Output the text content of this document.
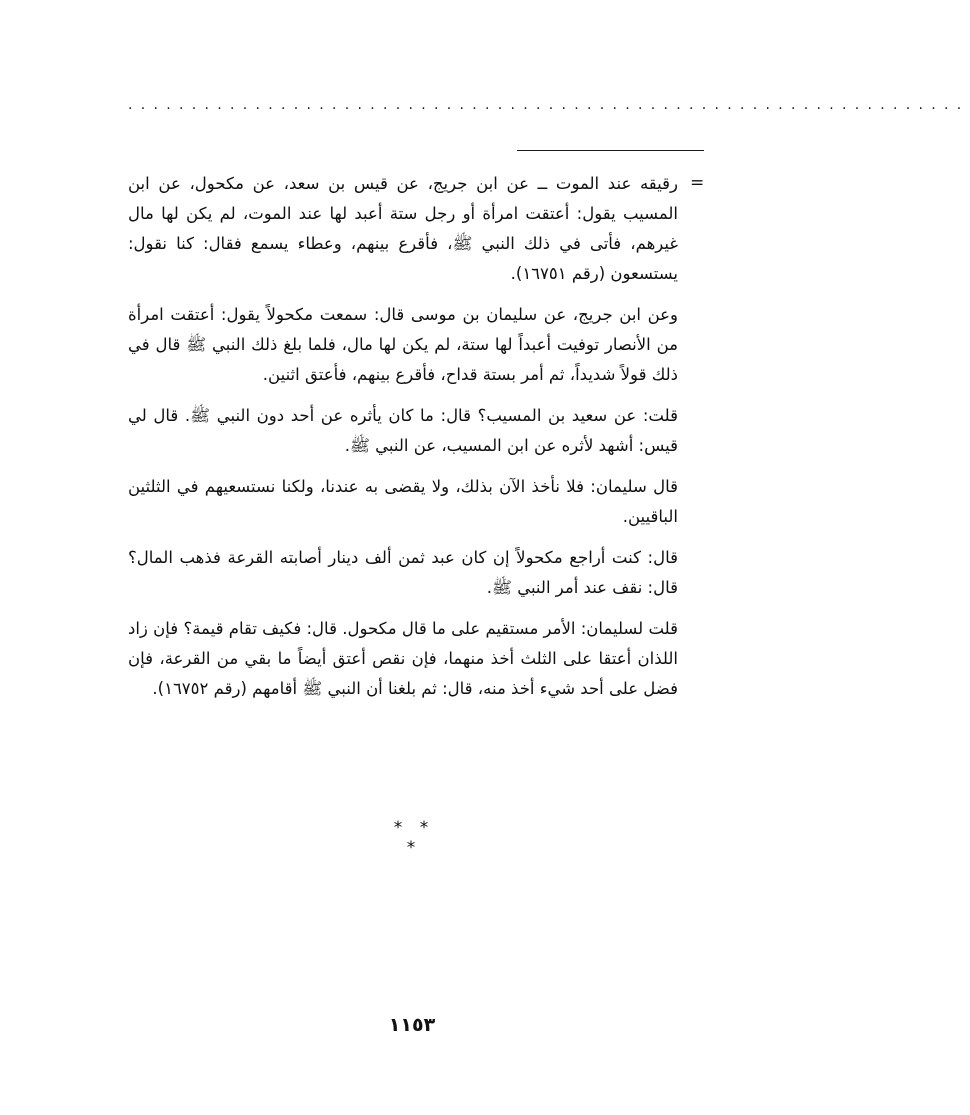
··································································
=

رقيقه عند الموت ــ عن ابن جريج، عن قيس بن سعد، عن مكحول، عن ابن المسيب يقول: أعتقت امرأة أو رجل ستة أعبد لها عند الموت، لم يكن لها مال غيرهم، فأتى في ذلك النبي ﷺ، فأقرع بينهم، وعطاء يسمع فقال: كنا نقول: يستسعون (رقم ١٦٧٥١).

وعن ابن جريج، عن سليمان بن موسى قال: سمعت مكحولاً يقول: أعتقت امرأة من الأنصار توفيت أعبداً لها ستة، لم يكن لها مال، فلما بلغ ذلك النبي ﷺ قال في ذلك قولاً شديداً، ثم أمر بستة قداح، فأقرع بينهم، فأعتق اثنين.

قلت: عن سعيد بن المسيب؟ قال: ما كان يأثره عن أحد دون النبي ﷺ. قال لي قيس: أشهد لأثره عن ابن المسيب، عن النبي ﷺ.

قال سليمان: فلا نأخذ الآن بذلك، ولا يقضى به عندنا، ولكنا نستسعيهم في الثلثين الباقيين.

قال: كنت أراجع مكحولاً إن كان عبد ثمن ألف دينار أصابته القرعة فذهب المال؟ قال: نقف عند أمر النبي ﷺ.

قلت لسليمان: الأمر مستقيم على ما قال مكحول. قال: فكيف تقام قيمة؟ فإن زاد اللذان أعتقا على الثلث أخذ منهما، فإن نقص أعتق أيضاً ما بقي من القرعة، فإن فضل على أحد شيء أخذ منه، قال: ثم بلغنا أن النبي ﷺ أقامهم (رقم ١٦٧٥٢).

* * *
١١٥٣
